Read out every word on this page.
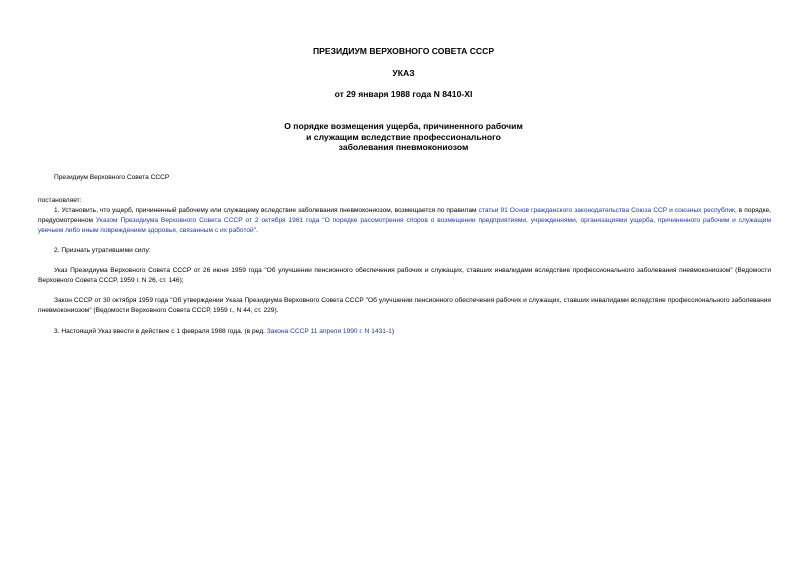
ПРЕЗИДИУМ ВЕРХОВНОГО СОВЕТА СССР
УКАЗ
от 29 января 1988 года N 8410-XI
О порядке возмещения ущерба, причиненного рабочим
и служащим вследствие профессионального
заболевания пневмокониозом
Президиум Верховного Совета СССР
постановляет:
1. Установить, что ущерб, причиненный рабочему или служащему вследствие заболевания пневмокониозом, возмещается по правилам статьи 91 Основ гражданского законодательства Союза ССР и союзных республик, в порядке, предусмотренном Указом Президиума Верховного Совета СССР от 2 октября 1961 года "О порядке рассмотрения споров о возмещении предприятиями, учреждениями, организациями ущерба, причиненного рабочим и служащим увечьем либо иным повреждением здоровья, связанным с их работой".
2. Признать утратившими силу:
Указ Президиума Верховного Совета СССР от 26 июня 1959 года "Об улучшении пенсионного обеспечения рабочих и служащих, ставших инвалидами вследствие профессионального заболевания пневмокониозом" (Ведомости Верховного Совета СССР, 1959 г. N 26, ст. 146);
Закон СССР от 30 октября 1959 года "Об утверждении Указа Президиума Верховного Совета СССР "Об улучшении пенсионного обеспечения рабочих и служащих, ставших инвалидами вследствие профессионального заболевания пневмокониозом" (Ведомости Верховного Совета СССР, 1959 г., N 44, ст. 229).
3. Настоящий Указ ввести в действие с 1 февраля 1988 года. (в ред. Закона СССР 11 апреля 1990 г. N 1431-1)
